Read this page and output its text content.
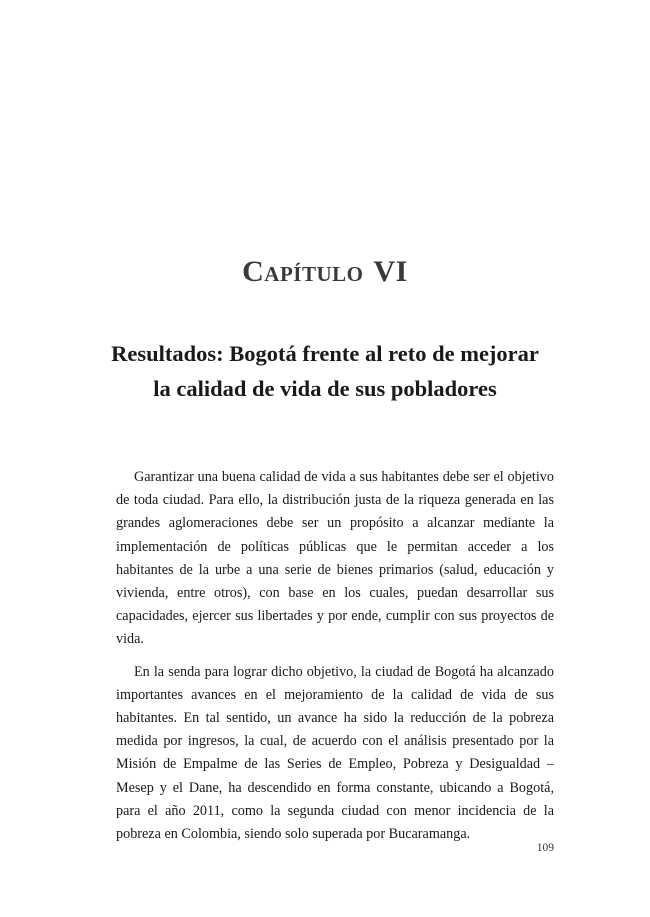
Capítulo VI
Resultados: Bogotá frente al reto de mejorar
la calidad de vida de sus pobladores

Garantizar una buena calidad de vida a sus habitantes debe ser el objetivo de toda ciudad. Para ello, la distribución justa de la riqueza generada en las grandes aglomeraciones debe ser un propósito a alcanzar mediante la implementación de políticas públicas que le permitan acceder a los habitantes de la urbe a una serie de bienes primarios (salud, educación y vivienda, entre otros), con base en los cuales, puedan desarrollar sus capacidades, ejercer sus libertades y por ende, cumplir con sus proyectos de vida.

En la senda para lograr dicho objetivo, la ciudad de Bogotá ha alcanzado importantes avances en el mejoramiento de la calidad de vida de sus habitantes. En tal sentido, un avance ha sido la reducción de la pobreza medida por ingresos, la cual, de acuerdo con el análisis presentado por la Misión de Empalme de las Series de Empleo, Pobreza y Desigualdad – Mesep y el Dane, ha descendido en forma constante, ubicando a Bogotá, para el año 2011, como la segunda ciudad con menor incidencia de la pobreza en Colombia, siendo solo superada por Bucaramanga.

109
